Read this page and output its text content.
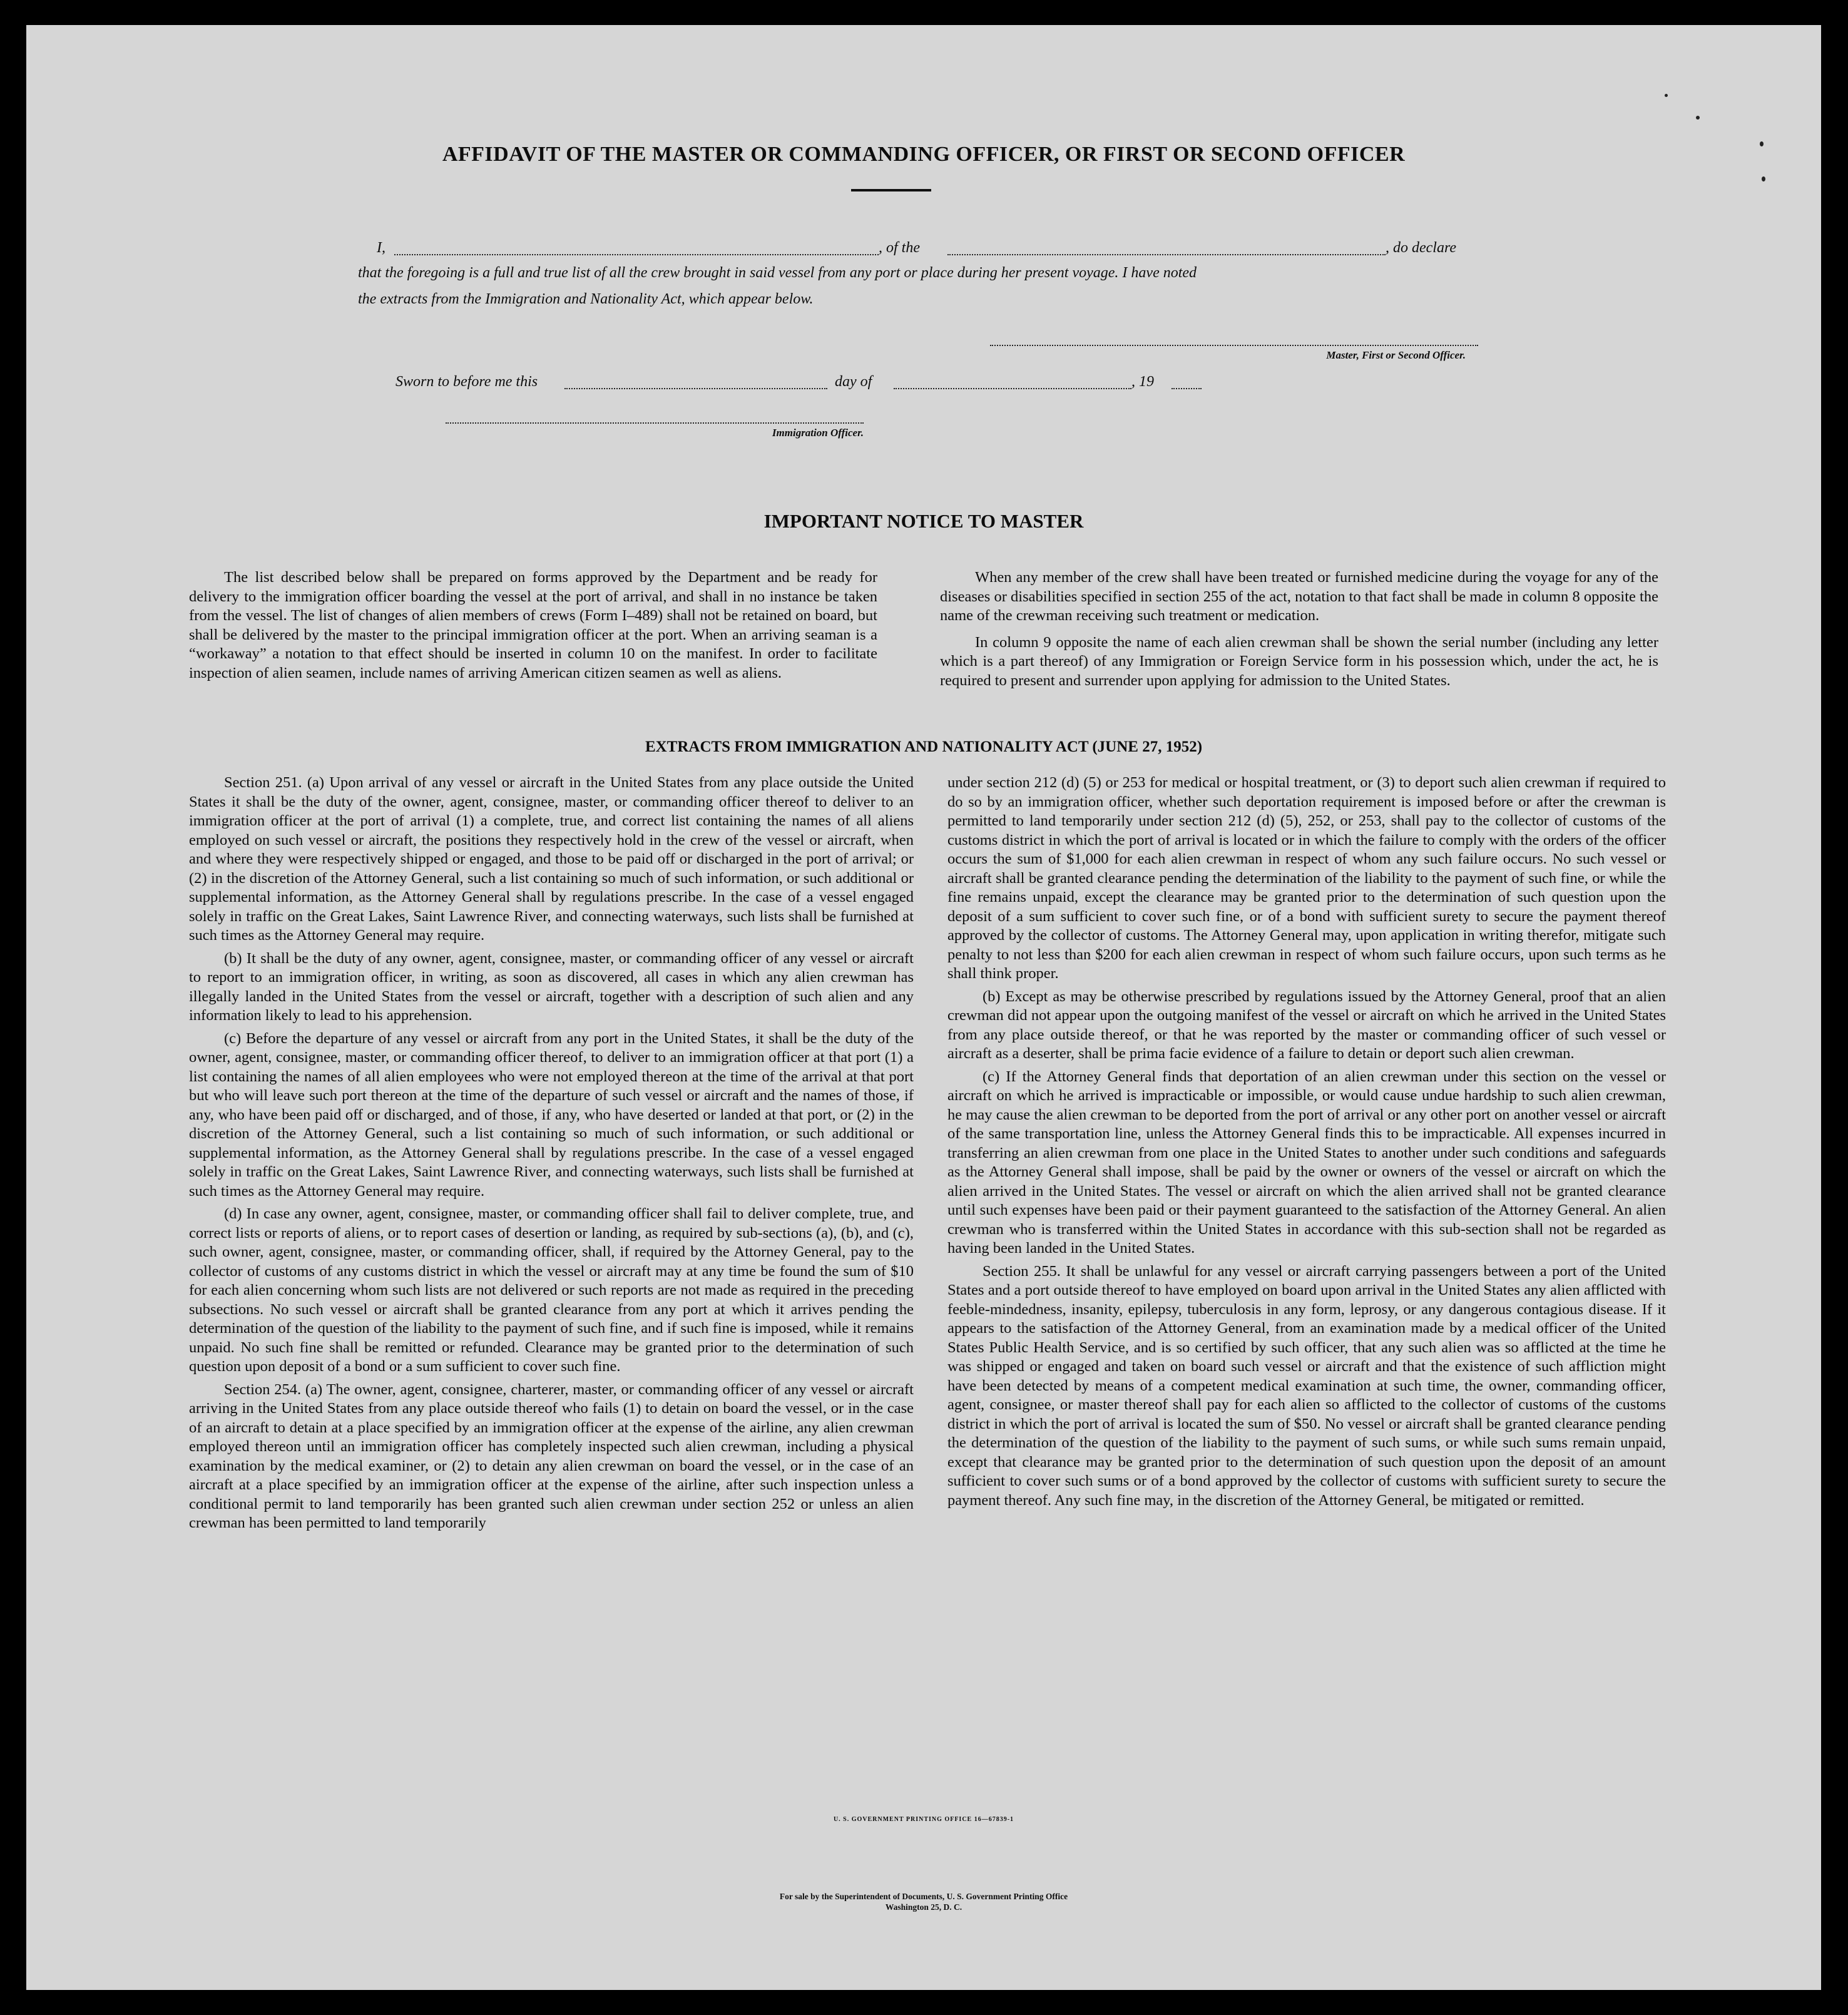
AFFIDAVIT OF THE MASTER OR COMMANDING OFFICER, OR FIRST OR SECOND OFFICER
I,	, of the	, do declare
that the foregoing is a full and true list of all the crew brought in said vessel from any port or place during her present voyage. I have noted
the extracts from the Immigration and Nationality Act, which appear below.
Master, First or Second Officer.
Sworn to before me this	day of	, 19
Immigration Officer.
IMPORTANT NOTICE TO MASTER

The list described below shall be prepared on forms approved by the Department and be ready for delivery to the immigration officer boarding the vessel at the port of arrival, and shall in no instance be taken from the vessel. The list of changes of alien members of crews (Form I–489) shall not be retained on board, but shall be delivered by the master to the principal immigration officer at the port. When an arriving seaman is a “workaway” a notation to that effect should be inserted in column 10 on the manifest. In order to facilitate inspection of alien seamen, include names of arriving American citizen seamen as well as aliens.

When any member of the crew shall have been treated or furnished medicine during the voyage for any of the diseases or disabilities specified in section 255 of the act, notation to that fact shall be made in column 8 opposite the name of the crewman receiving such treatment or medication.

In column 9 opposite the name of each alien crewman shall be shown the serial number (including any letter which is a part thereof) of any Immigration or Foreign Service form in his possession which, under the act, he is required to present and surrender upon applying for admission to the United States.

EXTRACTS FROM IMMIGRATION AND NATIONALITY ACT (JUNE 27, 1952)

Section 251. (a) Upon arrival of any vessel or aircraft in the United States from any place outside the United States it shall be the duty of the owner, agent, consignee, master, or commanding officer thereof to deliver to an immigration officer at the port of arrival (1) a complete, true, and correct list containing the names of all aliens employed on such vessel or aircraft, the positions they respectively hold in the crew of the vessel or aircraft, when and where they were respectively shipped or engaged, and those to be paid off or discharged in the port of arrival; or (2) in the discretion of the Attorney General, such a list containing so much of such information, or such additional or supplemental information, as the Attorney General shall by regulations prescribe. In the case of a vessel engaged solely in traffic on the Great Lakes, Saint Lawrence River, and connecting waterways, such lists shall be furnished at such times as the Attorney General may require.

(b) It shall be the duty of any owner, agent, consignee, master, or commanding officer of any vessel or aircraft to report to an immigration officer, in writing, as soon as discovered, all cases in which any alien crewman has illegally landed in the United States from the vessel or aircraft, together with a description of such alien and any information likely to lead to his apprehension.

(c) Before the departure of any vessel or aircraft from any port in the United States, it shall be the duty of the owner, agent, consignee, master, or commanding officer thereof, to deliver to an immigration officer at that port (1) a list containing the names of all alien employees who were not employed thereon at the time of the arrival at that port but who will leave such port thereon at the time of the departure of such vessel or aircraft and the names of those, if any, who have been paid off or discharged, and of those, if any, who have deserted or landed at that port, or (2) in the discretion of the Attorney General, such a list containing so much of such information, or such additional or supplemental information, as the Attorney General shall by regulations prescribe. In the case of a vessel engaged solely in traffic on the Great Lakes, Saint Lawrence River, and connecting waterways, such lists shall be furnished at such times as the Attorney General may require.

(d) In case any owner, agent, consignee, master, or commanding officer shall fail to deliver complete, true, and correct lists or reports of aliens, or to report cases of desertion or landing, as required by sub-sections (a), (b), and (c), such owner, agent, consignee, master, or commanding officer, shall, if required by the Attorney General, pay to the collector of customs of any customs district in which the vessel or aircraft may at any time be found the sum of $10 for each alien concerning whom such lists are not delivered or such reports are not made as required in the preceding subsections. No such vessel or aircraft shall be granted clearance from any port at which it arrives pending the determination of the question of the liability to the payment of such fine, and if such fine is imposed, while it remains unpaid. No such fine shall be remitted or refunded. Clearance may be granted prior to the determination of such question upon deposit of a bond or a sum sufficient to cover such fine.

Section 254. (a) The owner, agent, consignee, charterer, master, or commanding officer of any vessel or aircraft arriving in the United States from any place outside thereof who fails (1) to detain on board the vessel, or in the case of an aircraft to detain at a place specified by an immigration officer at the expense of the airline, any alien crewman employed thereon until an immigration officer has completely inspected such alien crewman, including a physical examination by the medical examiner, or (2) to detain any alien crewman on board the vessel, or in the case of an aircraft at a place specified by an immigration officer at the expense of the airline, after such inspection unless a conditional permit to land temporarily has been granted such alien crewman under section 252 or unless an alien crewman has been permitted to land temporarily

under section 212 (d) (5) or 253 for medical or hospital treatment, or (3) to deport such alien crewman if required to do so by an immigration officer, whether such deportation requirement is imposed before or after the crewman is permitted to land temporarily under section 212 (d) (5), 252, or 253, shall pay to the collector of customs of the customs district in which the port of arrival is located or in which the failure to comply with the orders of the officer occurs the sum of $1,000 for each alien crewman in respect of whom any such failure occurs. No such vessel or aircraft shall be granted clearance pending the determination of the liability to the payment of such fine, or while the fine remains unpaid, except the clearance may be granted prior to the determination of such question upon the deposit of a sum sufficient to cover such fine, or of a bond with sufficient surety to secure the payment thereof approved by the collector of customs. The Attorney General may, upon application in writing therefor, mitigate such penalty to not less than $200 for each alien crewman in respect of whom such failure occurs, upon such terms as he shall think proper.

(b) Except as may be otherwise prescribed by regulations issued by the Attorney General, proof that an alien crewman did not appear upon the outgoing manifest of the vessel or aircraft on which he arrived in the United States from any place outside thereof, or that he was reported by the master or commanding officer of such vessel or aircraft as a deserter, shall be prima facie evidence of a failure to detain or deport such alien crewman.

(c) If the Attorney General finds that deportation of an alien crewman under this section on the vessel or aircraft on which he arrived is impracticable or impossible, or would cause undue hardship to such alien crewman, he may cause the alien crewman to be deported from the port of arrival or any other port on another vessel or aircraft of the same transportation line, unless the Attorney General finds this to be impracticable. All expenses incurred in transferring an alien crewman from one place in the United States to another under such conditions and safeguards as the Attorney General shall impose, shall be paid by the owner or owners of the vessel or aircraft on which the alien arrived in the United States. The vessel or aircraft on which the alien arrived shall not be granted clearance until such expenses have been paid or their payment guaranteed to the satisfaction of the Attorney General. An alien crewman who is transferred within the United States in accordance with this sub-section shall not be regarded as having been landed in the United States.

Section 255. It shall be unlawful for any vessel or aircraft carrying passengers between a port of the United States and a port outside thereof to have employed on board upon arrival in the United States any alien afflicted with feeble-mindedness, insanity, epilepsy, tuberculosis in any form, leprosy, or any dangerous contagious disease. If it appears to the satisfaction of the Attorney General, from an examination made by a medical officer of the United States Public Health Service, and is so certified by such officer, that any such alien was so afflicted at the time he was shipped or engaged and taken on board such vessel or aircraft and that the existence of such affliction might have been detected by means of a competent medical examination at such time, the owner, commanding officer, agent, consignee, or master thereof shall pay for each alien so afflicted to the collector of customs of the customs district in which the port of arrival is located the sum of $50. No vessel or aircraft shall be granted clearance pending the determination of the question of the liability to the payment of such sums, or while such sums remain unpaid, except that clearance may be granted prior to the determination of such question upon the deposit of an amount sufficient to cover such sums or of a bond approved by the collector of customs with sufficient surety to secure the payment thereof. Any such fine may, in the discretion of the Attorney General, be mitigated or remitted.

U. S. GOVERNMENT PRINTING OFFICE 16—67839-1
For sale by the Superintendent of Documents, U. S. Government Printing Office
Washington 25, D. C.
